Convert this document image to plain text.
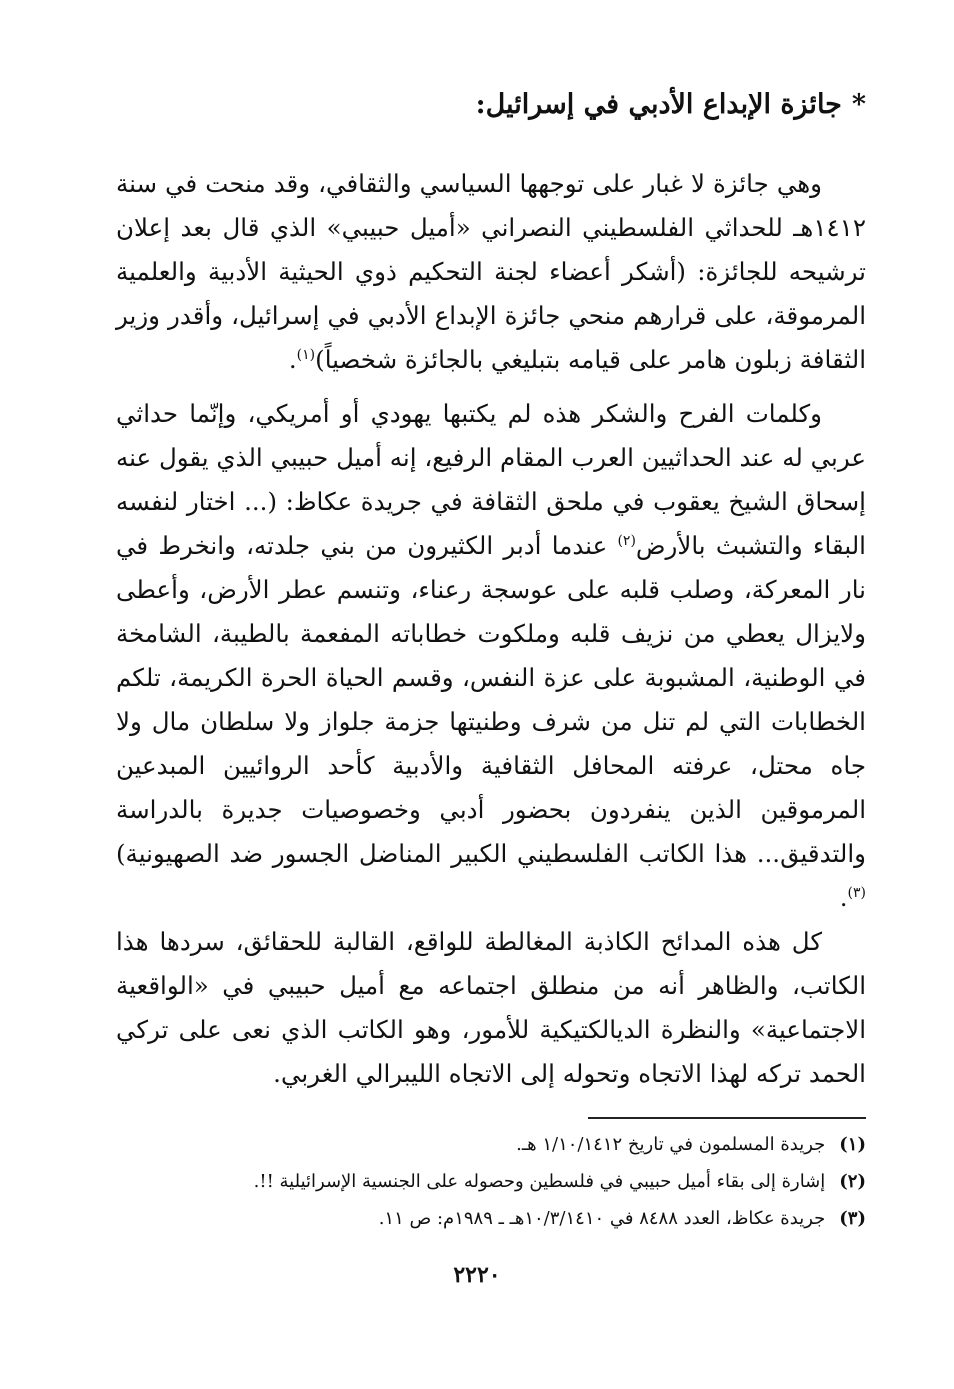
*جائزة الإبداع الأدبي في إسرائيل:

وهي جائزة لا غبار على توجهها السياسي والثقافي، وقد منحت في سنة ١٤١٢هـ للحداثي الفلسطيني النصراني «أميل حبيبي» الذي قال بعد إعلان ترشيحه للجائزة: (أشكر أعضاء لجنة التحكيم ذوي الحيثية الأدبية والعلمية المرموقة، على قرارهم منحي جائزة الإبداع الأدبي في إسرائيل، وأقدر وزير الثقافة زبلون هامر على قيامه بتبليغي بالجائزة شخصياً)$^{(١)}$.

وكلمات الفرح والشكر هذه لم يكتبها يهودي أو أمريكي، وإنّما حداثي عربي له عند الحداثيين العرب المقام الرفيع، إنه أميل حبيبي الذي يقول عنه إسحاق الشيخ يعقوب في ملحق الثقافة في جريدة عكاظ: (... اختار لنفسه البقاء والتشبث بالأرض$^{(٢)}$ عندما أدبر الكثيرون من بني جلدته، وانخرط في نار المعركة، وصلب قلبه على عوسجة رعناء، وتنسم عطر الأرض، وأعطى ولايزال يعطي من نزيف قلبه وملكوت خطاباته المفعمة بالطيبة، الشامخة في الوطنية، المشبوبة على عزة النفس، وقسم الحياة الحرة الكريمة، تلكم الخطابات التي لم تنل من شرف وطنيتها جزمة جلواز ولا سلطان مال ولا جاه محتل، عرفته المحافل الثقافية والأدبية كأحد الروائيين المبدعين المرموقين الذين ينفردون بحضور أدبي وخصوصيات جديرة بالدراسة والتدقيق... هذا الكاتب الفلسطيني الكبير المناضل الجسور ضد الصهيونية)$^{(٣)}$.

كل هذه المدائح الكاذبة المغالطة للواقع، القالبة للحقائق، سردها هذا الكاتب، والظاهر أنه من منطلق اجتماعه مع أميل حبيبي في «الواقعية الاجتماعية» والنظرة الديالكتيكية للأمور، وهو الكاتب الذي نعى على تركي الحمد تركه لهذا الاتجاه وتحوله إلى الاتجاه الليبرالي الغربي.

(١)جريدة المسلمون في تاريخ ١/١٠/١٤١٢ هـ.
(٢)إشارة إلى بقاء أميل حبيبي في فلسطين وحصوله على الجنسية الإسرائيلية !!.
(٣)جريدة عكاظ، العدد ٨٤٨٨ في ١٠/٣/١٤١٠هـ ـ ١٩٨٩م: ص ١١.
٢٢٢٠
